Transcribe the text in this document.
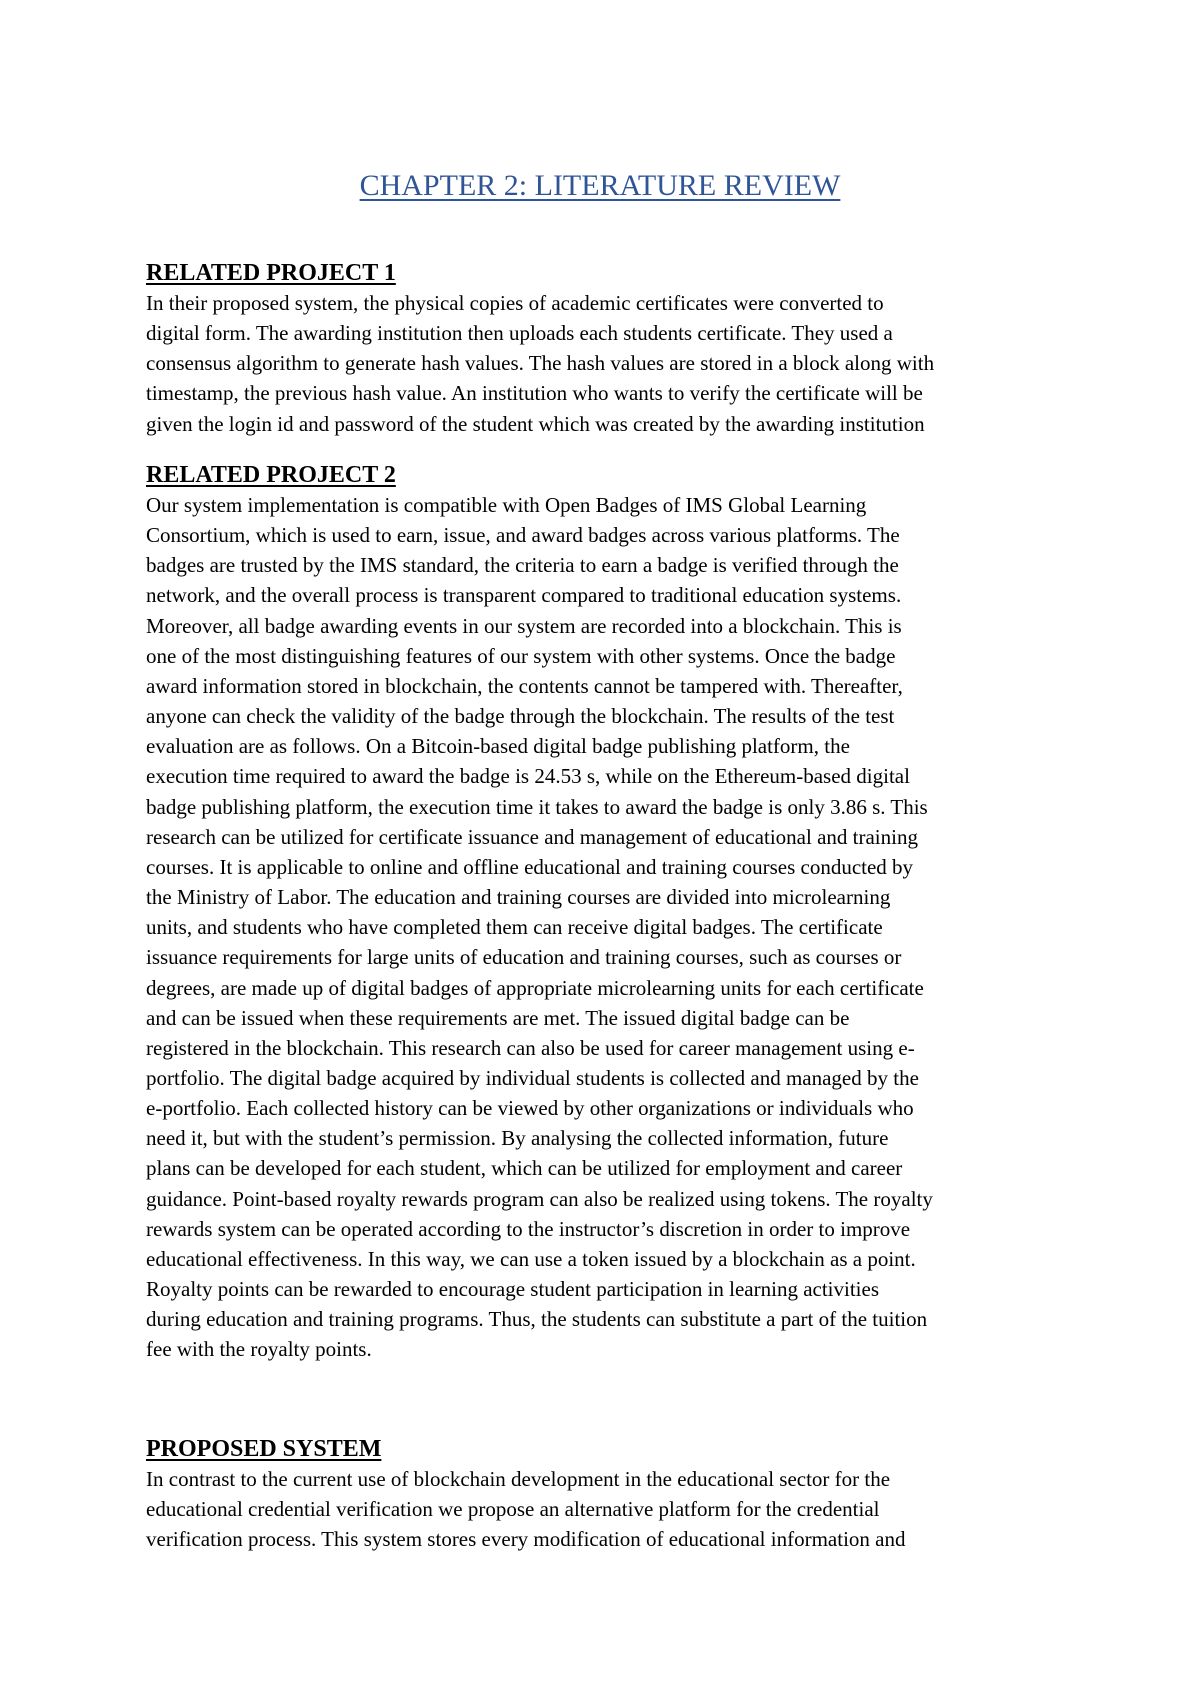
CHAPTER 2: LITERATURE REVIEW
RELATED PROJECT 1

In their proposed system, the physical copies of academic certificates were converted to
digital form. The awarding institution then uploads each students certificate. They used a
consensus algorithm to generate hash values. The hash values are stored in a block along with
timestamp, the previous hash value. An institution who wants to verify the certificate will be
given the login id and password of the student which was created by the awarding institution

RELATED PROJECT 2

Our system implementation is compatible with Open Badges of IMS Global Learning
Consortium, which is used to earn, issue, and award badges across various platforms. The
badges are trusted by the IMS standard, the criteria to earn a badge is verified through the
network, and the overall process is transparent compared to traditional education systems.
Moreover, all badge awarding events in our system are recorded into a blockchain. This is
one of the most distinguishing features of our system with other systems. Once the badge
award information stored in blockchain, the contents cannot be tampered with. Thereafter,
anyone can check the validity of the badge through the blockchain. The results of the test
evaluation are as follows. On a Bitcoin-based digital badge publishing platform, the
execution time required to award the badge is 24.53 s, while on the Ethereum-based digital
badge publishing platform, the execution time it takes to award the badge is only 3.86 s. This
research can be utilized for certificate issuance and management of educational and training
courses. It is applicable to online and offline educational and training courses conducted by
the Ministry of Labor. The education and training courses are divided into microlearning
units, and students who have completed them can receive digital badges. The certificate
issuance requirements for large units of education and training courses, such as courses or
degrees, are made up of digital badges of appropriate microlearning units for each certificate
and can be issued when these requirements are met. The issued digital badge can be
registered in the blockchain. This research can also be used for career management using e-
portfolio. The digital badge acquired by individual students is collected and managed by the
e-portfolio. Each collected history can be viewed by other organizations or individuals who
need it, but with the student’s permission. By analysing the collected information, future
plans can be developed for each student, which can be utilized for employment and career
guidance. Point-based royalty rewards program can also be realized using tokens. The royalty
rewards system can be operated according to the instructor’s discretion in order to improve
educational effectiveness. In this way, we can use a token issued by a blockchain as a point.
Royalty points can be rewarded to encourage student participation in learning activities
during education and training programs. Thus, the students can substitute a part of the tuition
fee with the royalty points.

PROPOSED SYSTEM

In contrast to the current use of blockchain development in the educational sector for the
educational credential verification we propose an alternative platform for the credential
verification process. This system stores every modification of educational information and
